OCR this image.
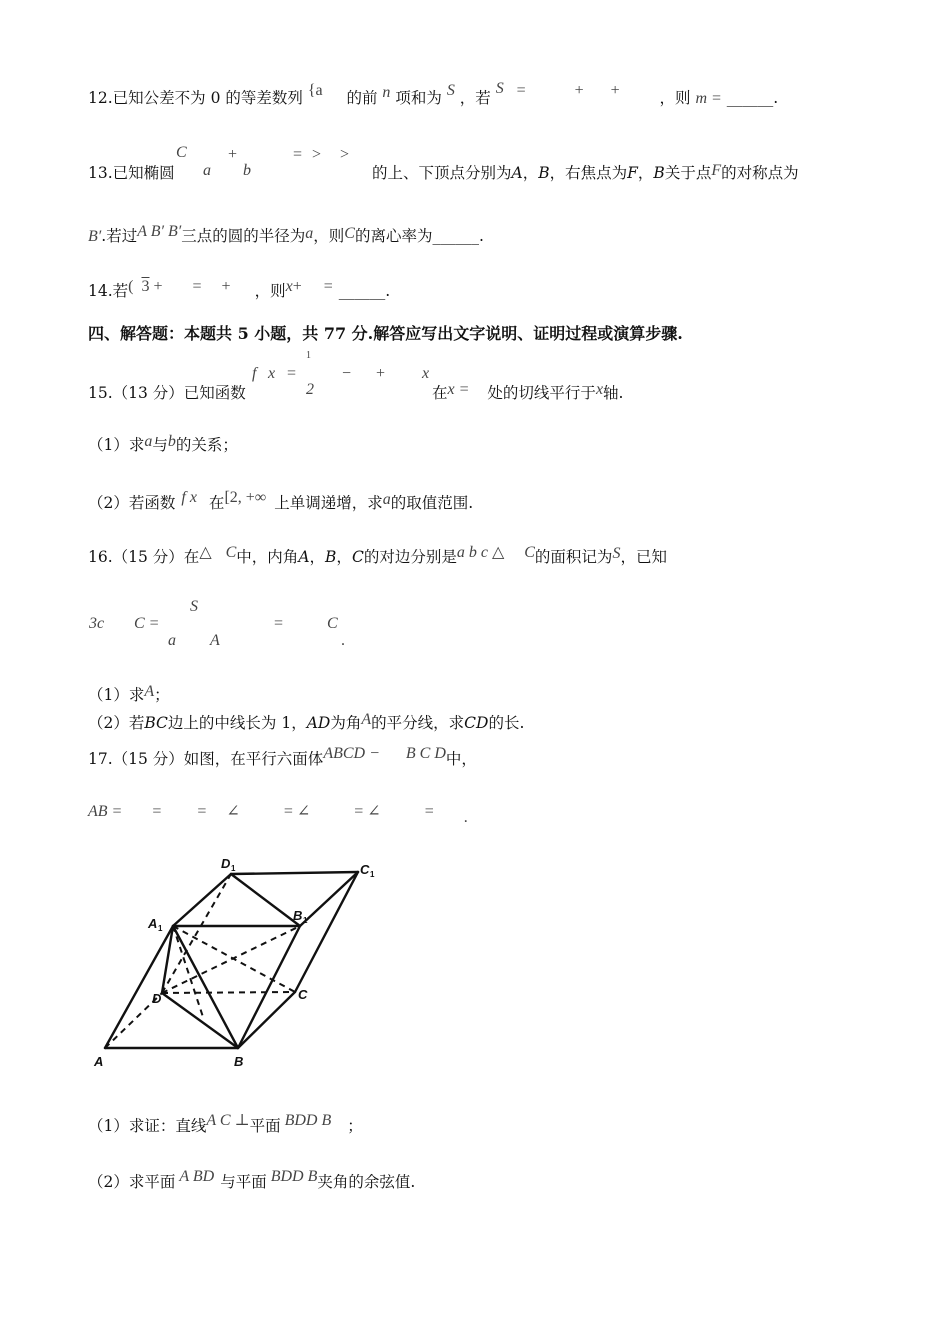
12.已知公差不为 0 的等差数列 {a 的前 n 项和为 S ，若 S =	+ +	，则 m = ______.
C
a
+
b
= > >
13.已知椭圆	的上、下顶点分别为A，B，右焦点为F，B关于点F的对称点为
B′.若过A B′ B′三点的圆的半径为a，则C的离心率为______.
14.若( 3 + = + ，则x+ = ______.
四、解答题：本题共 5 小题，共 77 分.解答应写出文字说明、证明过程或演算步骤.
f x =
1
2
− + x
15.（13 分）已知函数	在x = 处的切线平行于x轴.
（1）求a与b的关系；
（2）若函数 f x 在[2, +∞ 上单调递增，求a的取值范围.
16.（15 分）在△ C中，内角A，B，C的对边分别是a b c △ C的面积记为S，已知
3c C =
S
a A
=	C
.
（1）求A；
（2）若BC边上的中线长为 1，AD为角A的平分线，求CD的长.
17.（15 分）如图，在平行六面体ABCD − B C D中，
AB = = = ∠	= ∠	= ∠	= .
A	B
C
D
A 1
B 1
C 1
D 1
（1）求证：直线A C ⊥平面 BDD B ；
（2）求平面 A BD 与平面 BDD B夹角的余弦值.
